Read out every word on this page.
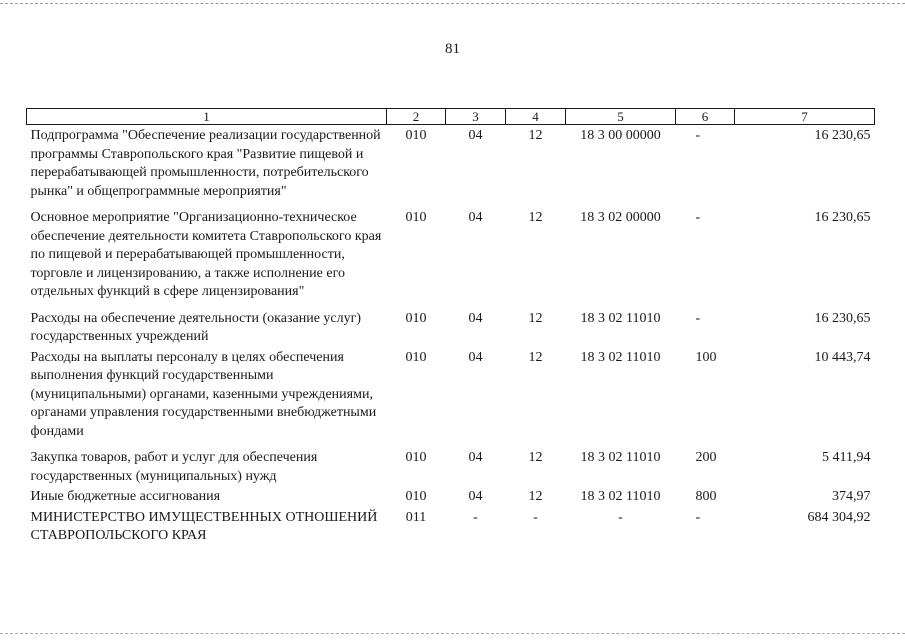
81
1	2	3	4	5	6	7
Подпрограмма "Обеспечение реализации государственной программы Ставропольского края "Развитие пищевой и перерабатывающей промышленности, потребительского рынка" и общепрограммные мероприятия"	010	04	12	18 3 00 00000	-	16 230,65
Основное мероприятие "Организационно-техническое обеспечение деятельности комитета Ставропольского края по пищевой и перерабатывающей промышленности, торговле и лицензированию, а также исполнение его отдельных функций в сфере лицензирования"	010	04	12	18 3 02 00000	-	16 230,65
Расходы на обеспечение деятельности (оказание услуг) государственных учреждений	010	04	12	18 3 02 11010	-	16 230,65
Расходы на выплаты персоналу в целях обеспечения выполнения функций государственными (муниципальными) органами, казенными учреждениями, органами управления государственными внебюджетными фондами	010	04	12	18 3 02 11010	100	10 443,74
Закупка товаров, работ и услуг для обеспечения государственных (муниципальных) нужд	010	04	12	18 3 02 11010	200	5 411,94
Иные бюджетные ассигнования	010	04	12	18 3 02 11010	800	374,97
МИНИСТЕРСТВО ИМУЩЕСТВЕННЫХ ОТНОШЕНИЙ СТАВРОПОЛЬСКОГО КРАЯ	011	-	-	-	-	684 304,92
